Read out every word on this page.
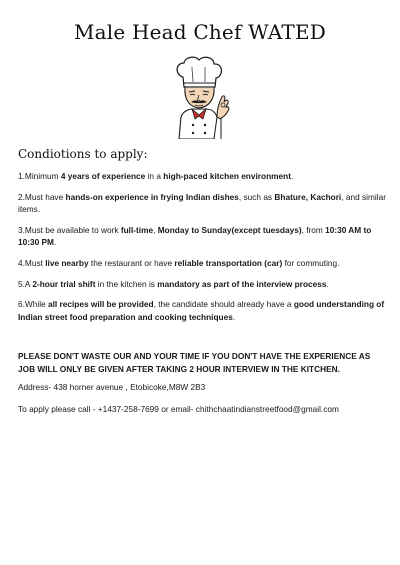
Male Head Chef WATED
Condiotions to apply:

1.Minimum 4 years of experience in a high-paced kitchen environment.

2.Must have hands-on experience in frying Indian dishes, such as Bhature, Kachori, and similar items.

3.Must be available to work full-time, Monday to Sunday(except tuesdays), from 10:30 AM to 10:30 PM.

4.Must live nearby the restaurant or have reliable transportation (car) for commuting.

5.A 2-hour trial shift in the kitchen is mandatory as part of the interview process.

6.While all recipes will be provided, the candidate should already have a good understanding of Indian street food preparation and cooking techniques.

PLEASE DON'T WASTE OUR AND YOUR TIME IF YOU DON'T HAVE THE EXPERIENCE AS JOB WILL ONLY BE GIVEN AFTER TAKING 2 HOUR INTERVIEW IN THE KITCHEN.

Address- 438 horner avenue , Etobicoke,M8W 2B3

To apply please call - +1437-258-7699 or email- chithchaatindianstreetfood@gmail.com
